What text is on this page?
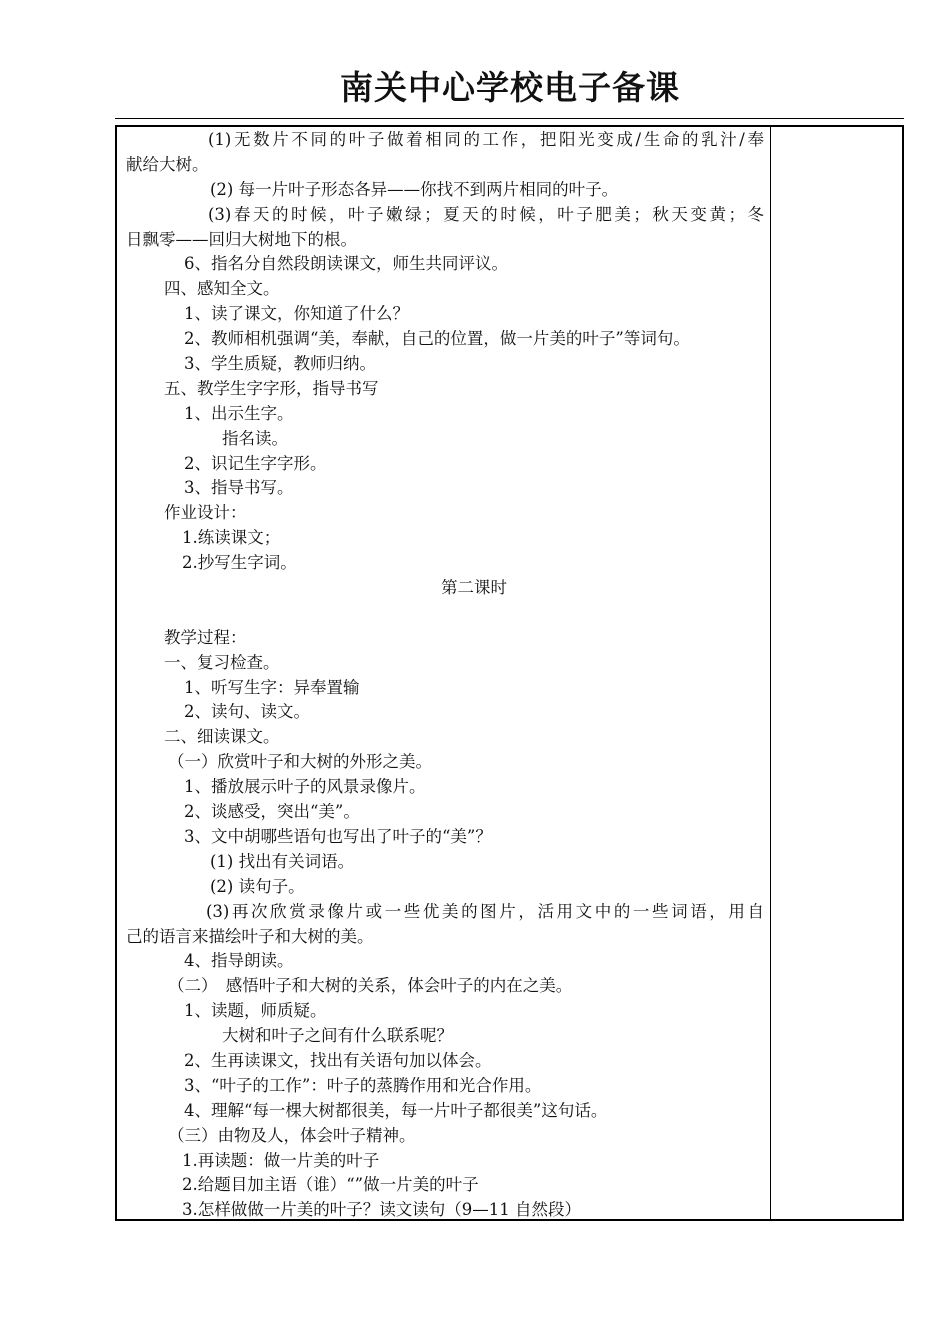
南关中心学校电子备课
(1)无数片不同的叶子做着相同的工作，把阳光变成/生命的乳汁/奉
献给大树。
(2) 每一片叶子形态各异——你找不到两片相同的叶子。
(3)春天的时候，叶子嫩绿；夏天的时候，叶子肥美；秋天变黄；冬
日飘零——回归大树地下的根。
6、指名分自然段朗读课文，师生共同评议。
四、感知全文。
1、读了课文，你知道了什么？
2、教师相机强调“美，奉献，自己的位置，做一片美的叶子”等词句。
3、学生质疑，教师归纳。
五、教学生字字形，指导书写
1、出示生字。
指名读。
2、识记生字字形。
3、指导书写。
作业设计：
1.练读课文；
2.抄写生字词。
第二课时
教学过程：
一、复习检查。
1、听写生字：异奉置输
2、读句、读文。
二、细读课文。
（一）欣赏叶子和大树的外形之美。
1、播放展示叶子的风景录像片。
2、谈感受，突出“美”。
3、文中胡哪些语句也写出了叶子的“美”？
(1) 找出有关词语。
(2) 读句子。
(3)再次欣赏录像片或一些优美的图片，活用文中的一些词语，用自
己的语言来描绘叶子和大树的美。
4、指导朗读。
（二）　感悟叶子和大树的关系，体会叶子的内在之美。
1、读题，师质疑。
大树和叶子之间有什么联系呢？
2、生再读课文，找出有关语句加以体会。
3、“叶子的工作”：叶子的蒸腾作用和光合作用。
4、理解“每一棵大树都很美，每一片叶子都很美”这句话。
（三）由物及人，体会叶子精神。
1.再读题：做一片美的叶子
2.给题目加主语（谁）“”做一片美的叶子
3.怎样做做一片美的叶子？读文读句（9—11 自然段）
